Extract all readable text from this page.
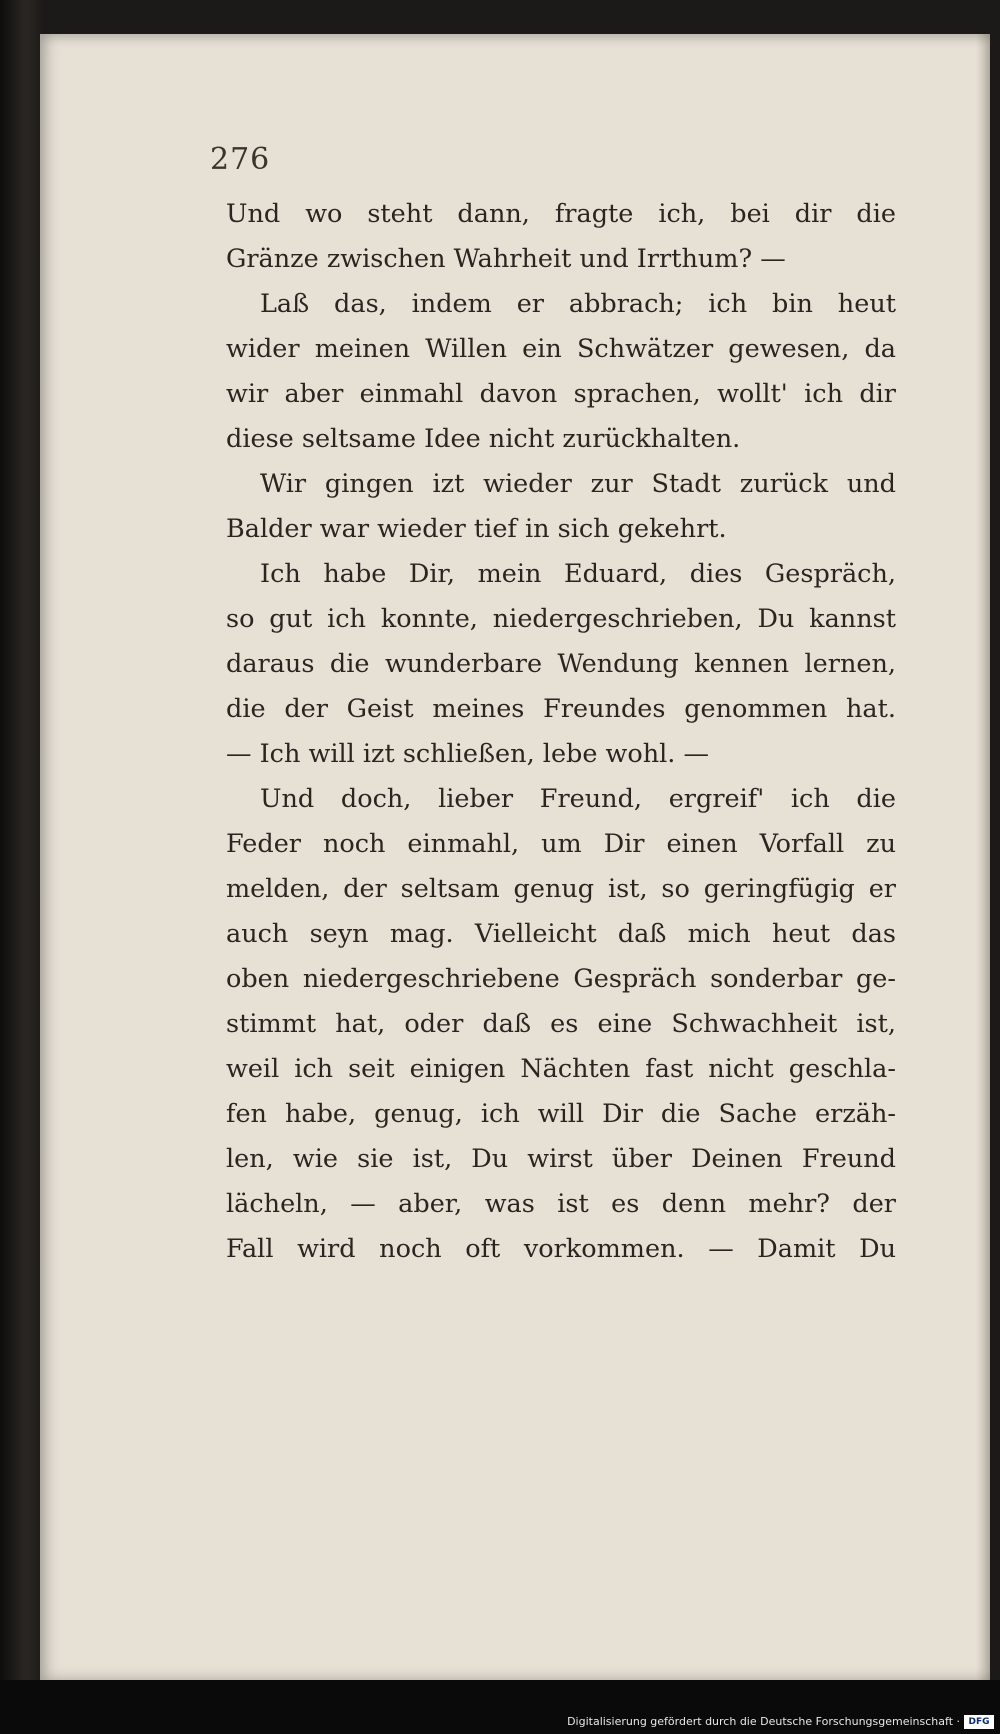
276
Und wo steht dann, fragte ich, bei dir die
Gränze zwischen Wahrheit und Irrthum? —
Laß das, indem er abbrach; ich bin heut
wider meinen Willen ein Schwätzer gewesen, da
wir aber einmahl davon sprachen, wollt' ich dir
diese seltsame Idee nicht zurückhalten.
Wir gingen izt wieder zur Stadt zurück und
Balder war wieder tief in sich gekehrt.
Ich habe Dir, mein Eduard, dies Gespräch,
so gut ich konnte, niedergeschrieben, Du kannst
daraus die wunderbare Wendung kennen lernen,
die der Geist meines Freundes genommen hat.
— Ich will izt schließen, lebe wohl. —
Und doch, lieber Freund, ergreif' ich die
Feder noch einmahl, um Dir einen Vorfall zu
melden, der seltsam genug ist, so geringfügig er
auch seyn mag. Vielleicht daß mich heut das
oben niedergeschriebene Gespräch sonderbar ge-
stimmt hat, oder daß es eine Schwachheit ist,
weil ich seit einigen Nächten fast nicht geschla-
fen habe, genug, ich will Dir die Sache erzäh-
len, wie sie ist, Du wirst über Deinen Freund
lächeln, — aber, was ist es denn mehr? der
Fall wird noch oft vorkommen. — Damit Du
Digitalisierung gefördert durch die Deutsche Forschungsgemeinschaft · DFG
